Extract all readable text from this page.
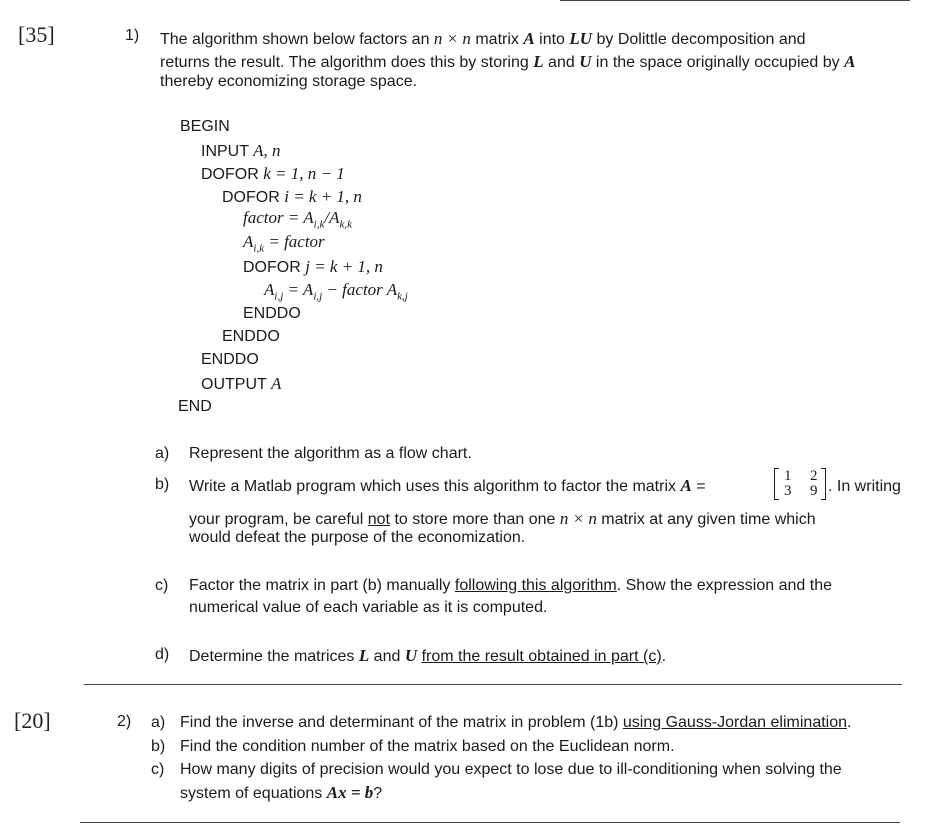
[35]	1) The algorithm shown below factors an n × n matrix A into LU by Dolittle decomposition and
returns the result. The algorithm does this by storing L and U in the space originally occupied by A
thereby economizing storage space.
BEGIN
INPUT A, n
DOFOR k = 1, n − 1
DOFOR i = k + 1, n
factor = $A_{i,k}/A_{k,k}$
$A_{i,k}$ = factor
DOFOR j = k + 1, n
$A_{i,j} = A_{i,j}$ − factor $A_{k,j}$
ENDDO
ENDDO
ENDDO
OUTPUT A
END
a) Represent the algorithm as a flow chart.
b) Write a Matlab program which uses this algorithm to factor the matrix A =
1 2
3 9 . In writing
your program, be careful not to store more than one n × n matrix at any given time which
would defeat the purpose of the economization.
c) Factor the matrix in part (b) manually following this algorithm. Show the expression and the
numerical value of each variable as it is computed.
d) Determine the matrices L and U from the result obtained in part (c).
[20]	2) a) Find the inverse and determinant of the matrix in problem (1b) using Gauss-Jordan elimination.
b) Find the condition number of the matrix based on the Euclidean norm.
c) How many digits of precision would you expect to lose due to ill-conditioning when solving the
system of equations Ax = b?
